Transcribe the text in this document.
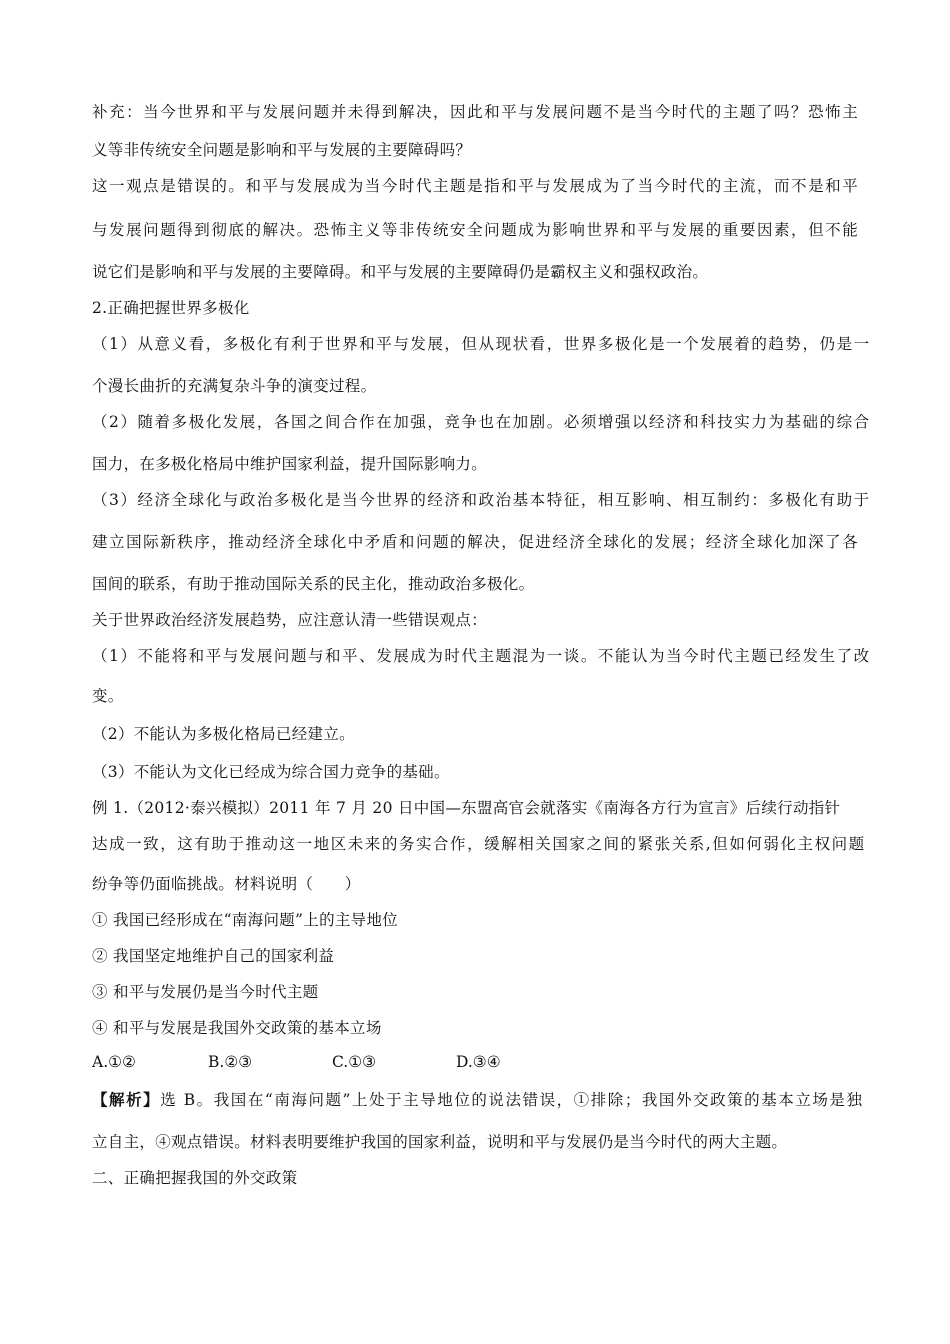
补充：当今世界和平与发展问题并未得到解决，因此和平与发展问题不是当今时代的主题了吗？恐怖主
义等非传统安全问题是影响和平与发展的主要障碍吗？
这一观点是错误的。和平与发展成为当今时代主题是指和平与发展成为了当今时代的主流，而不是和平
与发展问题得到彻底的解决。恐怖主义等非传统安全问题成为影响世界和平与发展的重要因素，但不能
说它们是影响和平与发展的主要障碍。和平与发展的主要障碍仍是霸权主义和强权政治。
2.正确把握世界多极化
（1）从意义看，多极化有利于世界和平与发展，但从现状看，世界多极化是一个发展着的趋势，仍是一
个漫长曲折的充满复杂斗争的演变过程。
（2）随着多极化发展，各国之间合作在加强，竞争也在加剧。必须增强以经济和科技实力为基础的综合
国力，在多极化格局中维护国家利益，提升国际影响力。
（3）经济全球化与政治多极化是当今世界的经济和政治基本特征，相互影响、相互制约：多极化有助于
建立国际新秩序，推动经济全球化中矛盾和问题的解决，促进经济全球化的发展；经济全球化加深了各
国间的联系，有助于推动国际关系的民主化，推动政治多极化。
关于世界政治经济发展趋势，应注意认清一些错误观点：
（1）不能将和平与发展问题与和平、发展成为时代主题混为一谈。不能认为当今时代主题已经发生了改
变。
（2）不能认为多极化格局已经建立。
（3）不能认为文化已经成为综合国力竞争的基础。
例 1.（2012·泰兴模拟）2011 年 7 月 20 日中国—东盟高官会就落实《南海各方行为宣言》后续行动指针
达成一致，这有助于推动这一地区未来的务实合作，缓解相关国家之间的紧张关系,但如何弱化主权问题
纷争等仍面临挑战。材料说明（　　）
① 我国已经形成在“南海问题”上的主导地位
② 我国坚定地维护自己的国家利益
③ 和平与发展仍是当今时代主题
④ 和平与发展是我国外交政策的基本立场
A.①②	B.②③	C.①③	D.③④
【解析】选 B。我国在“南海问题”上处于主导地位的说法错误，①排除；我国外交政策的基本立场是独
立自主，④观点错误。材料表明要维护我国的国家利益，说明和平与发展仍是当今时代的两大主题。
二、正确把握我国的外交政策
